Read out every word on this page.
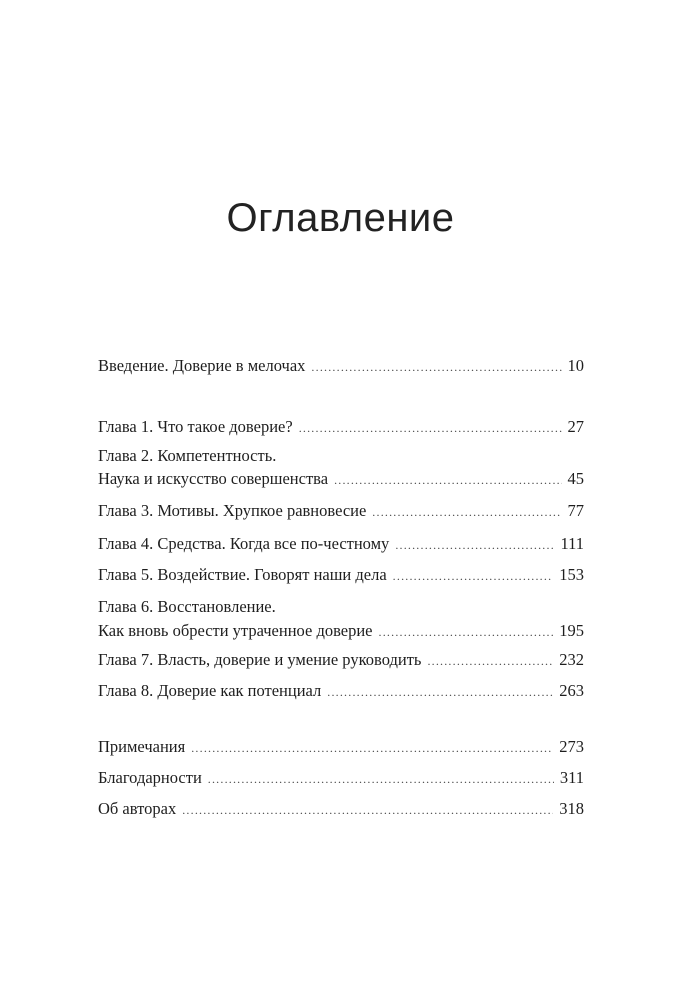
Оглавление
Введение. Доверие в мелочах .....	10
Глава 1. Что такое доверие? .....	27
Глава 2. Компетентность.
Наука и искусство совершенства .....	45
Глава 3. Мотивы. Хрупкое равновесие .....	77
Глава 4. Средства. Когда все по-честному .....	111
Глава 5. Воздействие. Говорят наши дела .....	153
Глава 6. Восстановление.
Как вновь обрести утраченное доверие .....	195
Глава 7. Власть, доверие и умение руководить .....	232
Глава 8. Доверие как потенциал .....	263
Примечания .....	273
Благодарности .....	311
Об авторах .....	318
